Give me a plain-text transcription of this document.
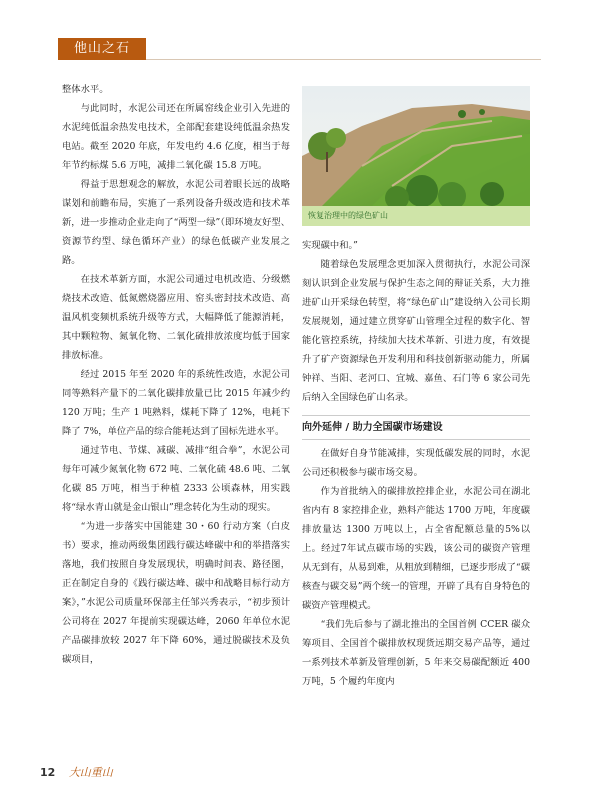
他山之石

整体水平。

与此同时，水泥公司还在所属窑线企业引入先进的水泥纯低温余热发电技术，全部配套建设纯低温余热发电站。截至 2020 年底，年发电约 4.6 亿度，相当于每年节约标煤 5.6 万吨，减排二氧化碳 15.8 万吨。

得益于思想观念的解放，水泥公司着眼长远的战略谋划和前瞻布局，实施了一系列设备升级改造和技术革新，进一步推动企业走向了“两型一绿”（即环境友好型、资源节约型、绿色循环产业）的绿色低碳产业发展之路。

在技术革新方面，水泥公司通过电机改造、分级燃烧技术改造、低氮燃烧器应用、窑头密封技术改造、高温风机变频机系统升级等方式，大幅降低了能源消耗，其中颗粒物、氮氧化物、二氧化硫排放浓度均低于国家排放标准。

经过 2015 年至 2020 年的系统性改造，水泥公司同等熟料产量下的二氧化碳排放量已比 2015 年减少约 120 万吨；生产 1 吨熟料，煤耗下降了 12%，电耗下降了 7%，单位产品的综合能耗达到了国标先进水平。

通过节电、节煤、减碳、减排“组合拳”，水泥公司每年可减少氮氧化物 672 吨、二氧化硫 48.6 吨、二氧化碳 85 万吨，相当于种植 2333 公顷森林，用实践将“绿水青山就是金山银山”理念转化为生动的现实。

“为进一步落实中国能建 30・60 行动方案（白皮书）要求，推动两级集团践行碳达峰碳中和的举措落实落地，我们按照自身发展现状，明确时间表、路径图，正在制定自身的《践行碳达峰、碳中和战略目标行动方案》，”水泥公司质量环保部主任邹兴秀表示，“初步预计公司将在 2027 年提前实现碳达峰，2060 年单位水泥产品碳排放较 2027 年下降 60%，通过脱碳技术及负碳项目，

恢复治理中的绿色矿山

实现碳中和。”

随着绿色发展理念更加深入贯彻执行，水泥公司深刻认识到企业发展与保护生态之间的辩证关系，大力推进矿山开采绿色转型，将“绿色矿山”建设纳入公司长期发展规划，通过建立贯穿矿山管理全过程的数字化、智能化管控系统，持续加大技术革新、引进力度，有效提升了矿产资源绿色开发利用和科技创新驱动能力，所属钟祥、当阳、老河口、宜城、嘉鱼、石门等 6 家公司先后纳入全国绿色矿山名录。

向外延伸 / 助力全国碳市场建设

在做好自身节能减排，实现低碳发展的同时，水泥公司还积极参与碳市场交易。

作为首批纳入的碳排放控排企业，水泥公司在湖北省内有 8 家控排企业，熟料产能达 1700 万吨，年度碳排放量达 1300 万吨以上，占全省配额总量的5%以上。经过7年试点碳市场的实践，该公司的碳资产管理从无到有，从易到难，从粗放到精细，已逐步形成了“碳核查与碳交易”两个统一的管理，开辟了具有自身特色的碳资产管理模式。

“我们先后参与了湖北推出的全国首例 CCER 碳众筹项目、全国首个碳排放权现货远期交易产品等，通过一系列技术革新及管理创新，5 年来交易碳配额近 400 万吨，5 个履约年度内

12 大山重山
